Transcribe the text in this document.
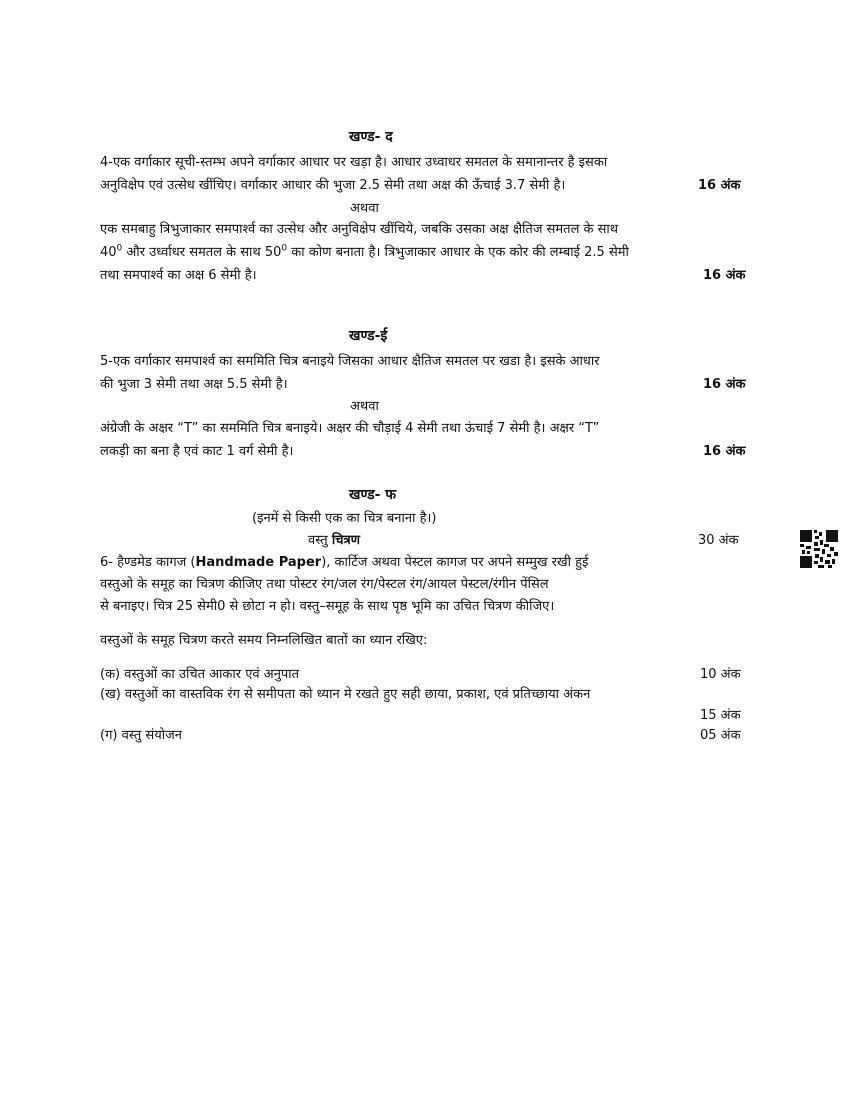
खण्ड- द
4-एक वर्गाकार सूची-स्तम्भ अपने वर्गाकार आधार पर खड़ा है। आधार उध्वाधर समतल के समानान्तर है इसका
अनुविक्षेप एवं उत्सेध खींचिए। वर्गाकार आधार की भुजा 2.5 सेमी तथा अक्ष की ऊँचाई 3.7 सेमी है।	16 अंक
अथवा
एक समबाहु त्रिभुजाकार समपार्श्व का उत्सेध और अनुविक्षेप खींचिये, जबकि उसका अक्ष क्षैतिज समतल के साथ
$40^0$ और उर्ध्वाधर समतल के साथ $50^0$ का कोण बनाता है। त्रिभुजाकार आधार के एक कोर की लम्बाई 2.5 सेमी
तथा समपार्श्व का अक्ष 6 सेमी है।	16 अंक
खण्ड-ई
5-एक वर्गाकार समपार्श्व का सममिति चित्र बनाइये जिसका आधार क्षैतिज समतल पर खडा है। इसके आधार
की भुजा 3 सेमी तथा अक्ष 5.5 सेमी है।	16 अंक
अथवा
अंग्रेजी के अक्षर “T” का सममिति चित्र बनाइये। अक्षर की चौड़ाई 4 सेमी तथा ऊंचाई 7 सेमी है। अक्षर “T”
लकड़ी का बना है एवं काट 1 वर्ग सेमी है।	16 अंक
खण्ड- फ
(इनमें से किसी एक का चित्र बनाना है।)
वस्तु चित्रण	30 अंक
6- हैण्डमेड कागज (Handmade Paper), कार्टिज अथवा पेस्टल कागज पर अपने सम्मुख रखी हुई
वस्तुओ के समूह का चित्रण कीजिए तथा पोस्टर रंग/जल रंग/पेस्टल रंग/आयल पेस्टल/रंगीन पेंसिल
से बनाइए। चित्र 25 सेमी0 से छोटा न हो। वस्तु–समूह के साथ पृष्ठ भूमि का उचित चित्रण कीजिए।
वस्तुओं के समूह चित्रण करते समय निम्नलिखित बातों का ध्यान रखिए:
(क) वस्तुओं का उचित आकार एवं अनुपात	10 अंक
(ख) वस्तुओं का वास्तविक रंग से समीपता को ध्यान मे रखते हुए सही छाया, प्रकाश, एवं प्रतिच्छाया अंकन
15 अंक
(ग) वस्तु संयोजन	05 अंक
